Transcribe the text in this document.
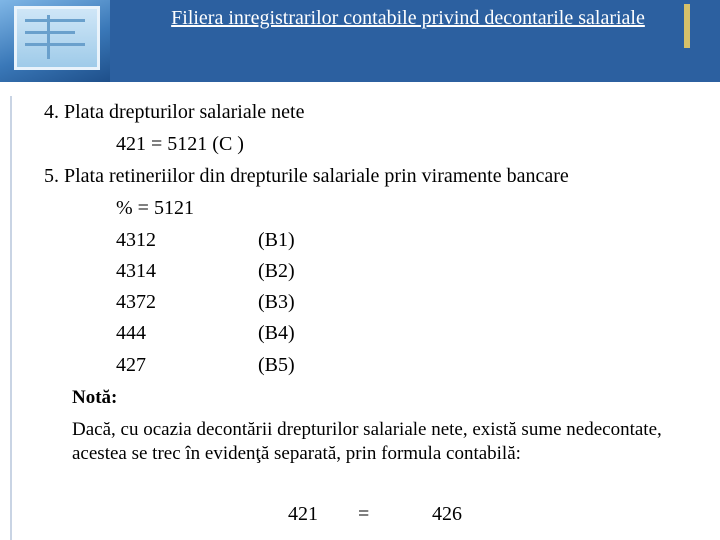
Filiera inregistrarilor contabile privind decontarile salariale
4. Plata drepturilor salariale nete
421 = 5121 (C )
5. Plata retineriilor din drepturile salariale prin viramente bancare
% = 5121
4312	(B1)
4314	(B2)
4372	(B3)
444	(B4)
427	(B5)
Notă:
Dacă, cu ocazia decontării drepturilor salariale nete, există sume nedecontate, acestea se trec în evidenţă separată, prin formula contabilă:
421 =	426
